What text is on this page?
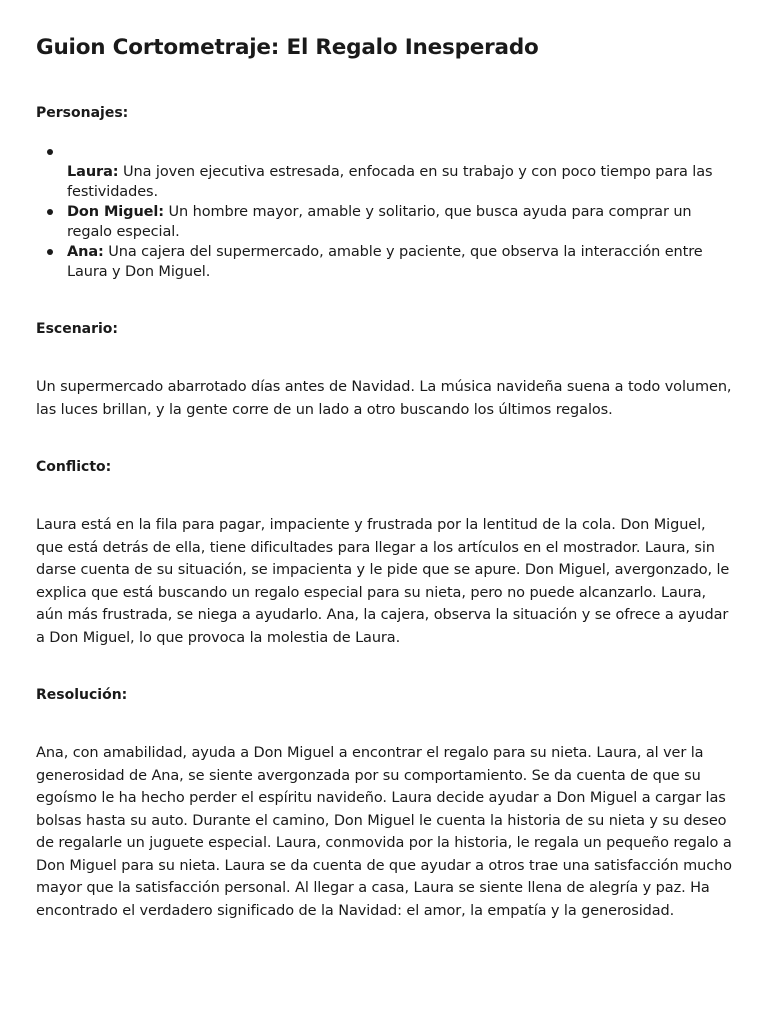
Guion Cortometraje: El Regalo Inesperado

Personajes:

Laura: Una joven ejecutiva estresada, enfocada en su trabajo y con poco tiempo para las festividades.
Don Miguel: Un hombre mayor, amable y solitario, que busca ayuda para comprar un regalo especial.
Ana: Una cajera del supermercado, amable y paciente, que observa la interacción entre Laura y Don Miguel.

Escenario:

Un supermercado abarrotado días antes de Navidad. La música navideña suena a todo volumen, las luces brillan, y la gente corre de un lado a otro buscando los últimos regalos.

Conflicto:

Laura está en la fila para pagar, impaciente y frustrada por la lentitud de la cola. Don Miguel, que está detrás de ella, tiene dificultades para llegar a los artículos en el mostrador. Laura, sin darse cuenta de su situación, se impacienta y le pide que se apure. Don Miguel, avergonzado, le explica que está buscando un regalo especial para su nieta, pero no puede alcanzarlo. Laura, aún más frustrada, se niega a ayudarlo. Ana, la cajera, observa la situación y se ofrece a ayudar a Don Miguel, lo que provoca la molestia de Laura.

Resolución:

Ana, con amabilidad, ayuda a Don Miguel a encontrar el regalo para su nieta. Laura, al ver la generosidad de Ana, se siente avergonzada por su comportamiento. Se da cuenta de que su egoísmo le ha hecho perder el espíritu navideño. Laura decide ayudar a Don Miguel a cargar las bolsas hasta su auto. Durante el camino, Don Miguel le cuenta la historia de su nieta y su deseo de regalarle un juguete especial. Laura, conmovida por la historia, le regala un pequeño regalo a Don Miguel para su nieta. Laura se da cuenta de que ayudar a otros trae una satisfacción mucho mayor que la satisfacción personal. Al llegar a casa, Laura se siente llena de alegría y paz. Ha encontrado el verdadero significado de la Navidad: el amor, la empatía y la generosidad.
